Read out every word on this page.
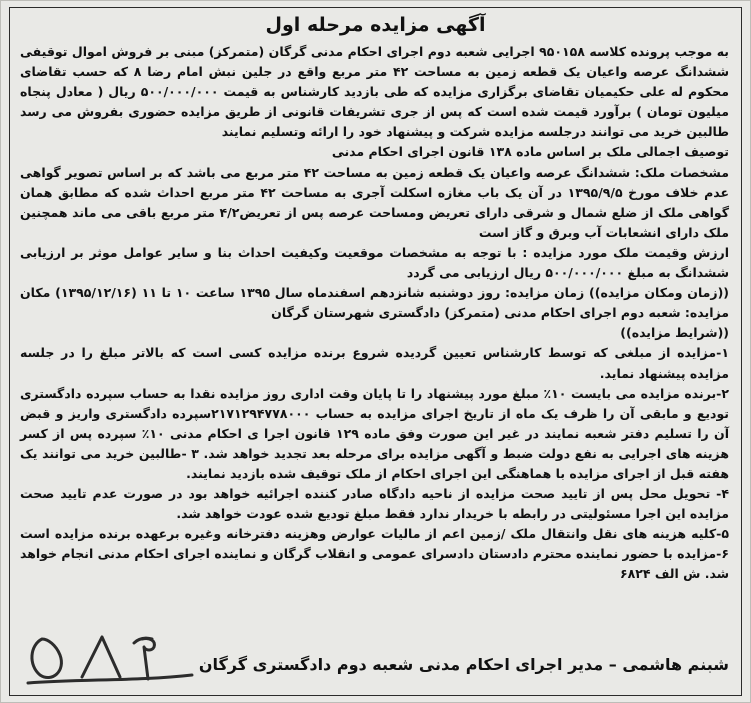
آگهی مزایده مرحله اول

به موجب پرونده کلاسه ۹۵۰۱۵۸ اجرایی شعبه دوم اجرای احکام مدنی گرگان (متمرکز) مبنی بر فروش اموال توقیفی ششدانگ عرصه واعیان یک قطعه زمین به مساحت ۴۲ متر مربع واقع در جلین نبش امام رضا ۸ که حسب تقاضای محکوم له علی حکیمیان تقاضای برگزاری مزایده که طی بازدید کارشناس به قیمت ۵۰۰/۰۰۰/۰۰۰ ریال ( معادل پنجاه میلیون تومان ) برآورد قیمت شده است که پس از جری تشریفات قانونی از طریق مزایده حضوری بفروش می رسد طالبین خرید می توانند درجلسه مزایده شرکت و پیشنهاد خود را ارائه وتسلیم نمایند

توصیف اجمالی ملک بر اساس ماده ۱۳۸ قانون اجرای احکام مدنی

مشخصات ملک: ششدانگ عرصه واعیان یک قطعه زمین به مساحت ۴۲ متر مربع می باشد که بر اساس تصویر گواهی عدم خلاف مورخ ۱۳۹۵/۹/۵ در آن یک باب مغازه اسکلت آجری به مساحت ۴۲ متر مربع احداث شده که مطابق همان گواهی ملک از ضلع شمال و شرقی دارای تعریض ومساحت عرصه پس از تعریض۴/۲ متر مربع باقی می ماند همچنین ملک دارای انشعابات آب وبرق و گاز است

ارزش وقیمت ملک مورد مزایده : با توجه به مشخصات موقعیت وکیفیت احداث بنا و سایر عوامل موثر بر ارزیابی ششدانگ به مبلغ ۵۰۰/۰۰۰/۰۰۰ ریال ارزیابی می گردد

((زمان ومکان مزایده)) زمان مزایده: روز دوشنبه شانزدهم اسفندماه سال ۱۳۹۵ ساعت ۱۰ تا ۱۱ (۱۳۹۵/۱۲/۱۶) مکان مزایده: شعبه دوم اجرای احکام مدنی (متمرکز) دادگستری شهرستان گرگان

((شرایط مزایده))

۱-مزایده از مبلغی که توسط کارشناس تعیین گردیده شروع برنده مزایده کسی است که بالاتر مبلغ را در جلسه مزایده پیشنهاد نماید.

۲-برنده مزایده می بایست ۱۰٪ مبلغ مورد پیشنهاد را تا پایان وقت اداری روز مزایده نقدا به حساب سپرده دادگستری تودیع و مابقی آن را ظرف یک ماه از تاریخ اجرای مزایده به حساب ۲۱۷۱۲۹۴۷۷۸۰۰۰سپرده دادگستری واریز و قبض آن را تسلیم دفتر شعبه نمایند در غیر این صورت وفق ماده ۱۲۹ قانون اجرا ی احکام مدنی ۱۰٪ سپرده پس از کسر هزینه های اجرایی به نفع دولت ضبط و آگهی مزایده برای مرحله بعد تجدید خواهد شد. ۳ -طالبین خرید می توانند یک هفته قبل از اجرای مزایده با هماهنگی این اجرای احکام از ملک توقیف شده بازدید نمایند.

۴- تحویل محل پس از تایید صحت مزایده از ناحیه دادگاه صادر کننده اجرائیه خواهد بود در صورت عدم تایید صحت مزایده این اجرا مسئولیتی در رابطه با خریدار ندارد فقط مبلغ تودیع شده عودت خواهد شد.

۵-کلیه هزینه های نقل وانتقال ملک /زمین اعم از مالیات عوارض وهزینه دفترخانه وغیره برعهده برنده مزایده است ۶-مزایده با حضور نماینده محترم دادستان دادسرای عمومی و انقلاب گرگان و نماینده اجرای احکام مدنی انجام خواهد شد. ش الف ۶۸۲۴

شبنم هاشمی – مدیر اجرای احکام مدنی شعبه دوم دادگستری گرگان
